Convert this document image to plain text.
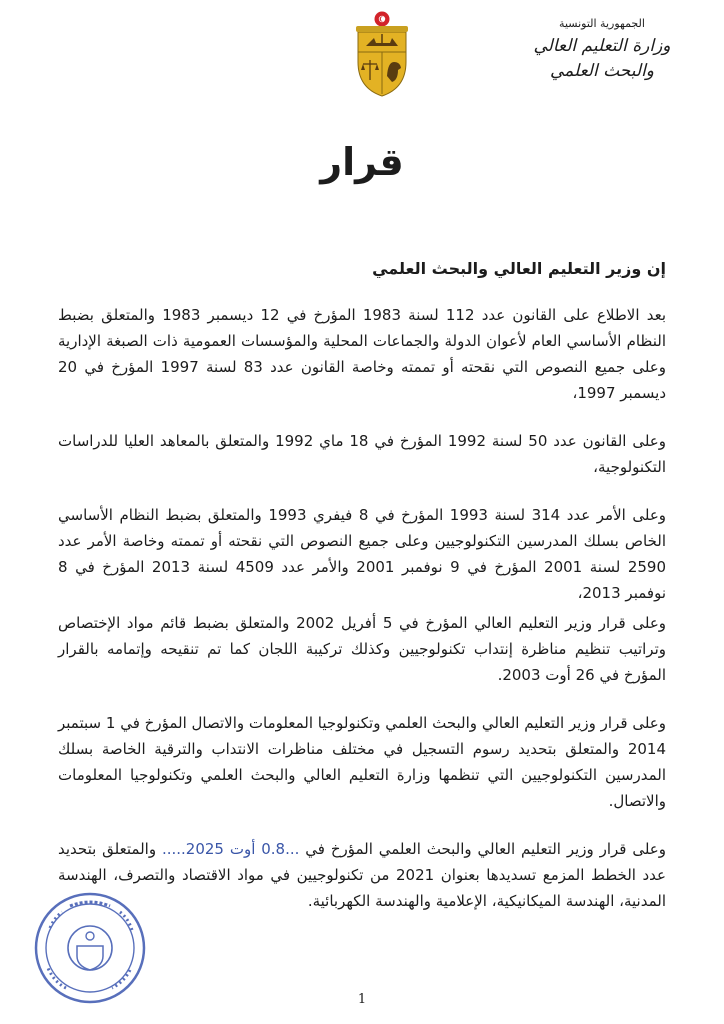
الجمهورية التونسية
وزارة التعليم العالي
والبحث العلمي
قرار

إن وزير التعليم العالي والبحث العلمي

بعد الاطلاع على القانون عدد 112 لسنة 1983 المؤرخ في 12 ديسمبر 1983 والمتعلق بضبط النظام الأساسي العام لأعوان الدولة والجماعات المحلية والمؤسسات العمومية ذات الصبغة الإدارية وعلى جميع النصوص التي نقحته أو تممته وخاصة القانون عدد 83 لسنة 1997 المؤرخ في 20 ديسمبر 1997،

وعلى القانون عدد 50 لسنة 1992 المؤرخ في 18 ماي 1992 والمتعلق بالمعاهد العليا للدراسات التكنولوجية،

وعلى الأمر عدد 314 لسنة 1993 المؤرخ في 8 فيفري 1993 والمتعلق بضبط النظام الأساسي الخاص بسلك المدرسين التكنولوجيين وعلى جميع النصوص التي نقحته أو تممته وخاصة الأمر عدد 2590 لسنة 2001 المؤرخ في 9 نوفمبر 2001 والأمر عدد 4509 لسنة 2013 المؤرخ في 8 نوفمبر 2013،

وعلى قرار وزير التعليم العالي المؤرخ في 5 أفريل 2002 والمتعلق بضبط قائم مواد الإختصاص وتراتيب تنظيم مناظرة إنتداب تكنولوجيين وكذلك تركيبة اللجان كما تم تنقيحه وإتمامه بالقرار المؤرخ في 26 أوت 2003.

وعلى قرار وزير التعليم العالي والبحث العلمي وتكنولوجيا المعلومات والاتصال المؤرخ في 1 سبتمبر 2014 والمتعلق بتحديد رسوم التسجيل في مختلف مناظرات الانتداب والترقية الخاصة بسلك المدرسين التكنولوجيين التي تنظمها وزارة التعليم العالي والبحث العلمي وتكنولوجيا المعلومات والاتصال.

وعلى قرار وزير التعليم العالي والبحث العلمي المؤرخ في ...0.8 أوت 2025..... والمتعلق بتحديد عدد الخطط المزمع تسديدها بعنوان 2021 من تكنولوجيين في مواد الاقتصاد والتصرف، الهندسة المدنية، الهندسة الميكانيكية، الإعلامية والهندسة الكهربائية.

1
